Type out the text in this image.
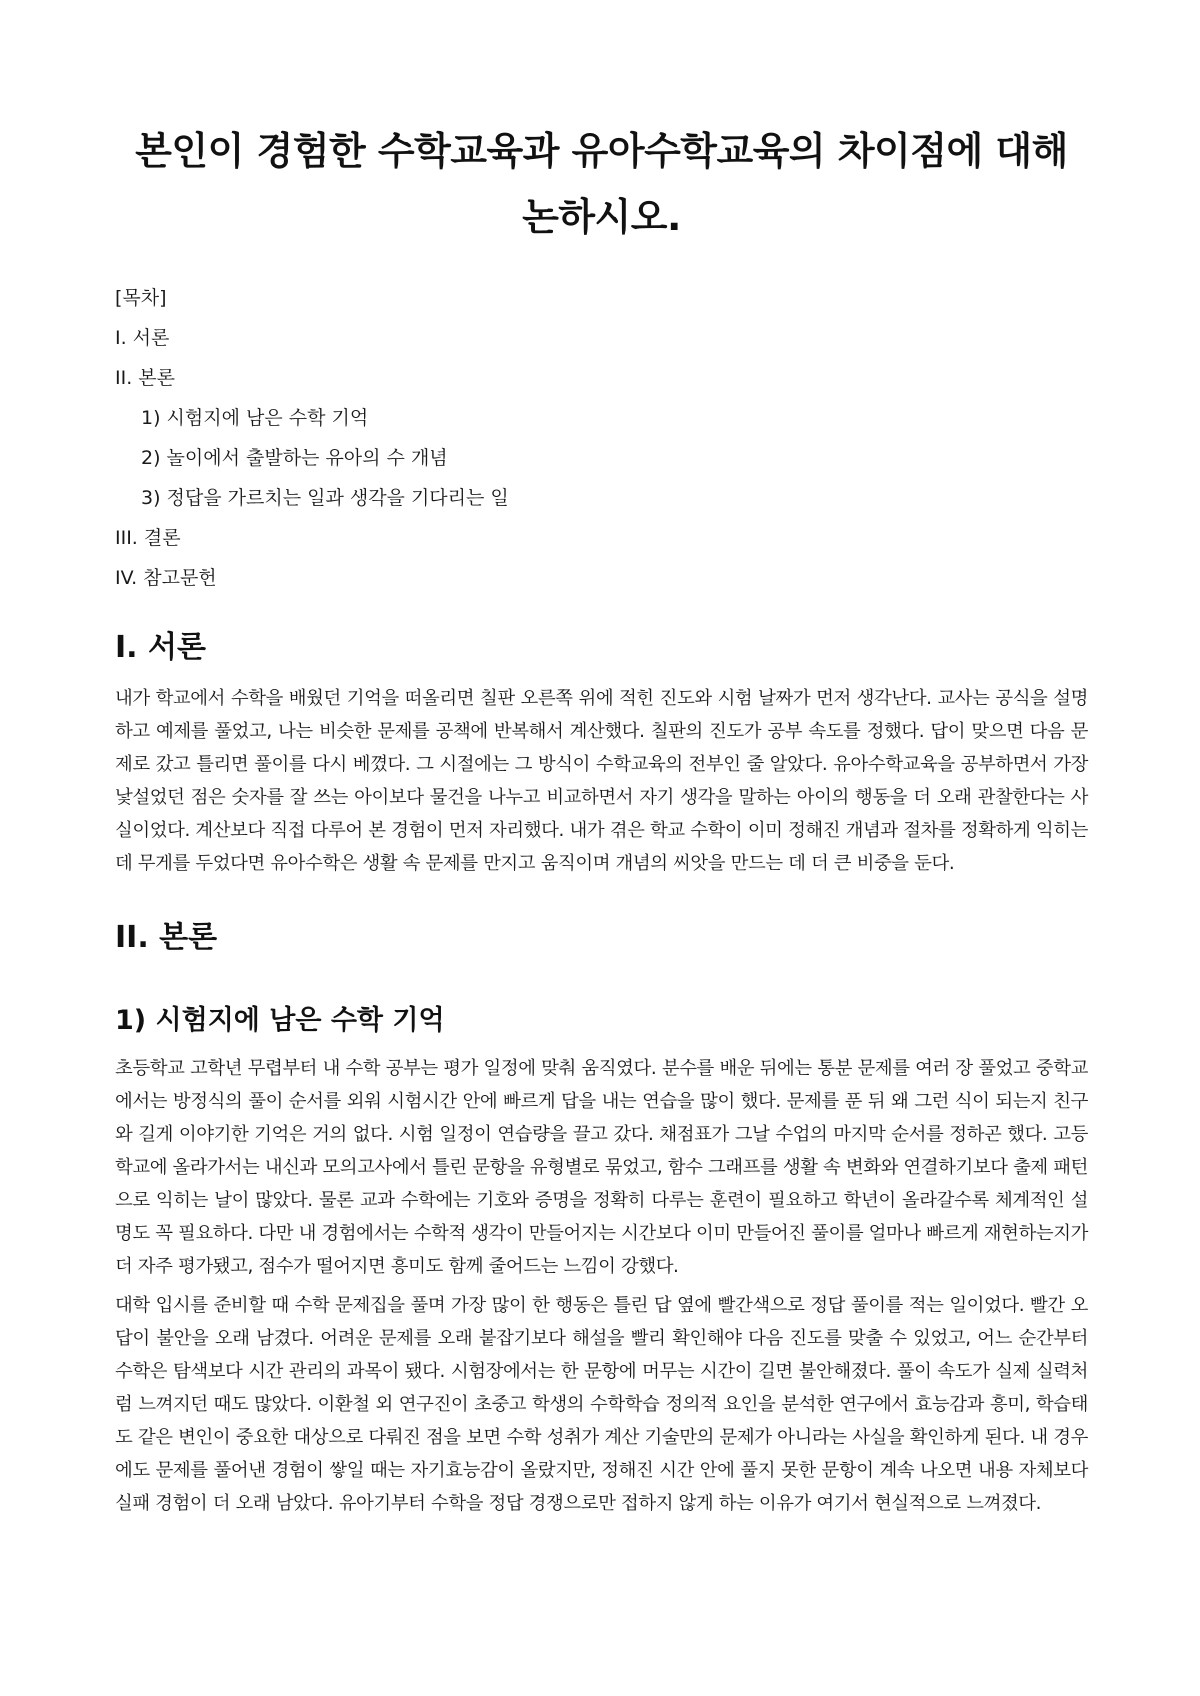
본인이 경험한 수학교육과 유아수학교육의 차이점에 대해 논하시오.
[목차]
I. 서론
II. 본론
1) 시험지에 남은 수학 기억
2) 놀이에서 출발하는 유아의 수 개념
3) 정답을 가르치는 일과 생각을 기다리는 일
III. 결론
IV. 참고문헌
I. 서론

내가 학교에서 수학을 배웠던 기억을 떠올리면 칠판 오른쪽 위에 적힌 진도와 시험 날짜가 먼저 생각난다. 교사는 공식을 설명하고 예제를 풀었고, 나는 비슷한 문제를 공책에 반복해서 계산했다. 칠판의 진도가 공부 속도를 정했다. 답이 맞으면 다음 문제로 갔고 틀리면 풀이를 다시 베꼈다. 그 시절에는 그 방식이 수학교육의 전부인 줄 알았다. 유아수학교육을 공부하면서 가장 낯설었던 점은 숫자를 잘 쓰는 아이보다 물건을 나누고 비교하면서 자기 생각을 말하는 아이의 행동을 더 오래 관찰한다는 사실이었다. 계산보다 직접 다루어 본 경험이 먼저 자리했다. 내가 겪은 학교 수학이 이미 정해진 개념과 절차를 정확하게 익히는 데 무게를 두었다면 유아수학은 생활 속 문제를 만지고 움직이며 개념의 씨앗을 만드는 데 더 큰 비중을 둔다.

II. 본론
1) 시험지에 남은 수학 기억

초등학교 고학년 무렵부터 내 수학 공부는 평가 일정에 맞춰 움직였다. 분수를 배운 뒤에는 통분 문제를 여러 장 풀었고 중학교에서는 방정식의 풀이 순서를 외워 시험시간 안에 빠르게 답을 내는 연습을 많이 했다. 문제를 푼 뒤 왜 그런 식이 되는지 친구와 길게 이야기한 기억은 거의 없다. 시험 일정이 연습량을 끌고 갔다. 채점표가 그날 수업의 마지막 순서를 정하곤 했다. 고등학교에 올라가서는 내신과 모의고사에서 틀린 문항을 유형별로 묶었고, 함수 그래프를 생활 속 변화와 연결하기보다 출제 패턴으로 익히는 날이 많았다. 물론 교과 수학에는 기호와 증명을 정확히 다루는 훈련이 필요하고 학년이 올라갈수록 체계적인 설명도 꼭 필요하다. 다만 내 경험에서는 수학적 생각이 만들어지는 시간보다 이미 만들어진 풀이를 얼마나 빠르게 재현하는지가 더 자주 평가됐고, 점수가 떨어지면 흥미도 함께 줄어드는 느낌이 강했다.

대학 입시를 준비할 때 수학 문제집을 풀며 가장 많이 한 행동은 틀린 답 옆에 빨간색으로 정답 풀이를 적는 일이었다. 빨간 오답이 불안을 오래 남겼다. 어려운 문제를 오래 붙잡기보다 해설을 빨리 확인해야 다음 진도를 맞출 수 있었고, 어느 순간부터 수학은 탐색보다 시간 관리의 과목이 됐다. 시험장에서는 한 문항에 머무는 시간이 길면 불안해졌다. 풀이 속도가 실제 실력처럼 느껴지던 때도 많았다. 이환철 외 연구진이 초중고 학생의 수학학습 정의적 요인을 분석한 연구에서 효능감과 흥미, 학습태도 같은 변인이 중요한 대상으로 다뤄진 점을 보면 수학 성취가 계산 기술만의 문제가 아니라는 사실을 확인하게 된다. 내 경우에도 문제를 풀어낸 경험이 쌓일 때는 자기효능감이 올랐지만, 정해진 시간 안에 풀지 못한 문항이 계속 나오면 내용 자체보다 실패 경험이 더 오래 남았다. 유아기부터 수학을 정답 경쟁으로만 접하지 않게 하는 이유가 여기서 현실적으로 느껴졌다.
